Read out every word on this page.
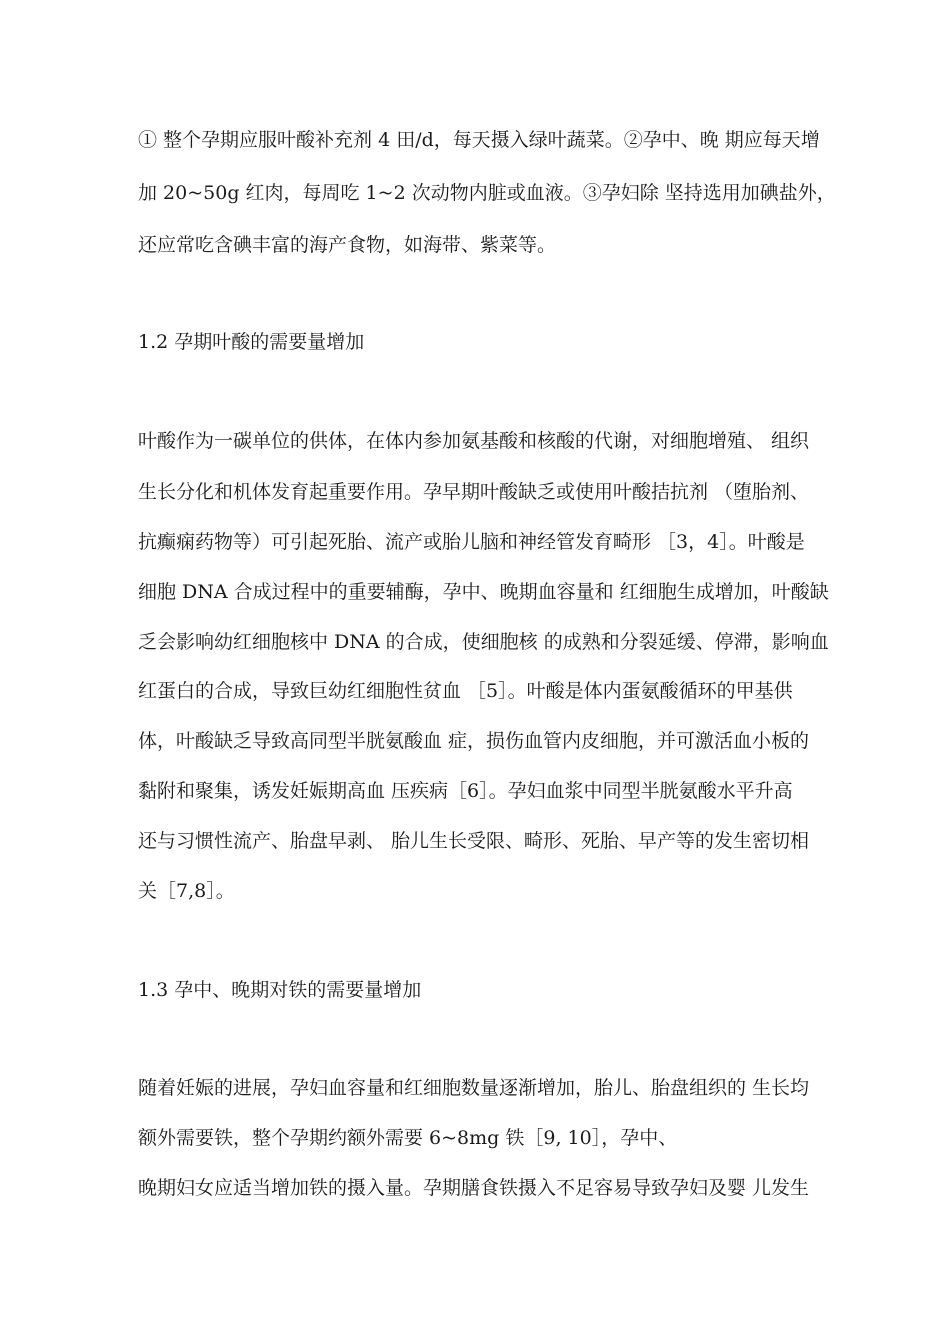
① 整个孕期应服叶酸补充剂 4 田/d，每天摄入绿叶蔬菜。②孕中、晚 期应每天增
加 20~50g 红肉，每周吃 1~2 次动物内脏或血液。③孕妇除 坚持选用加碘盐外，
还应常吃含碘丰富的海产食物，如海带、紫菜等。
1.2 孕期叶酸的需要量增加
叶酸作为一碳单位的供体，在体内参加氨基酸和核酸的代谢，对细胞增殖、 组织
生长分化和机体发育起重要作用。孕早期叶酸缺乏或使用叶酸拮抗剂 （堕胎剂、
抗癫痫药物等）可引起死胎、流产或胎儿脑和神经管发育畸形 ［3，4］。叶酸是
细胞 DNA 合成过程中的重要辅酶，孕中、晚期血容量和 红细胞生成增加，叶酸缺
乏会影响幼红细胞核中 DNA 的合成，使细胞核 的成熟和分裂延缓、停滞，影响血
红蛋白的合成，导致巨幼红细胞性贫血 ［5］。叶酸是体内蛋氨酸循环的甲基供
体，叶酸缺乏导致高同型半胱氨酸血 症，损伤血管内皮细胞，并可激活血小板的
黏附和聚集，诱发妊娠期高血 压疾病［6］。孕妇血浆中同型半胱氨酸水平升高
还与习惯性流产、胎盘早剥、 胎儿生长受限、畸形、死胎、早产等的发生密切相
关［7,8］。
1.3 孕中、晚期对铁的需要量增加
随着妊娠的进展，孕妇血容量和红细胞数量逐渐增加，胎儿、胎盘组织的 生长均
额外需要铁，整个孕期约额外需要 6~8mg 铁［9, 10］，孕中、
晚期妇女应适当增加铁的摄入量。孕期膳食铁摄入不足容易导致孕妇及婴 儿发生
